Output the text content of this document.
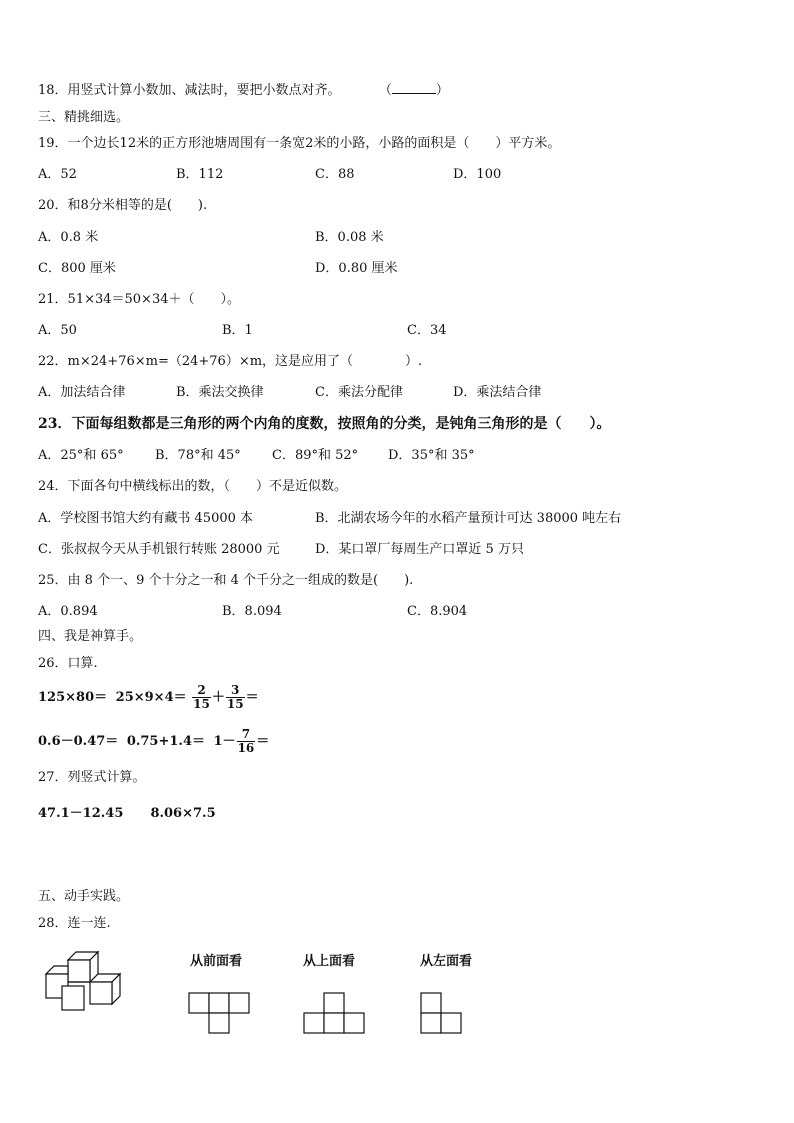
18．用竖式计算小数加、减法时，要把小数点对齐。	（	）
三、精挑细选。
19．一个边长12米的正方形池塘周围有一条宽2米的小路，小路的面积是（　　）平方米。
A．52	B．112	C．88	D．100
20．和8分米相等的是(　　).
A．0.8 米	B．0.08 米
C．800 厘米	D．0.80 厘米
21．51×34＝50×34＋（　　）。
A．50	B．1	C．34
22．m×24+76×m=（24+76）×m，这是应用了（　　　　）.
A．加法结合律	B．乘法交换律	C．乘法分配律	D．乘法结合律
23．下面每组数都是三角形的两个内角的度数，按照角的分类，是钝角三角形的是（　　）。
A．25°和 65° B．78°和 45° C．89°和 52° D．35°和 35°
24．下面各句中横线标出的数，（　　）不是近似数。
A．学校图书馆大约有藏书 45000 本	B．北湖农场今年的水稻产量预计可达 38000 吨左右
C．张叔叔今天从手机银行转账 28000 元	D．某口罩厂每周生产口罩近 5 万只
25．由 8 个一、9 个十分之一和 4 个千分之一组成的数是(　　).
A．0.894	B．8.094	C．8.904
四、我是神算手。
26．口算.
$125\times 80= 25\times 9\times 4= \frac{2}{15} + \frac{3}{15}$ ＝
$0.6-0.47= 0.75+1.4= 1- \frac{7}{16}$ ＝
27．列竖式计算。
47.1－12.45 8.06×7.5
五、动手实践。
28．连一连.
从前面看	从上面看	从左面看
